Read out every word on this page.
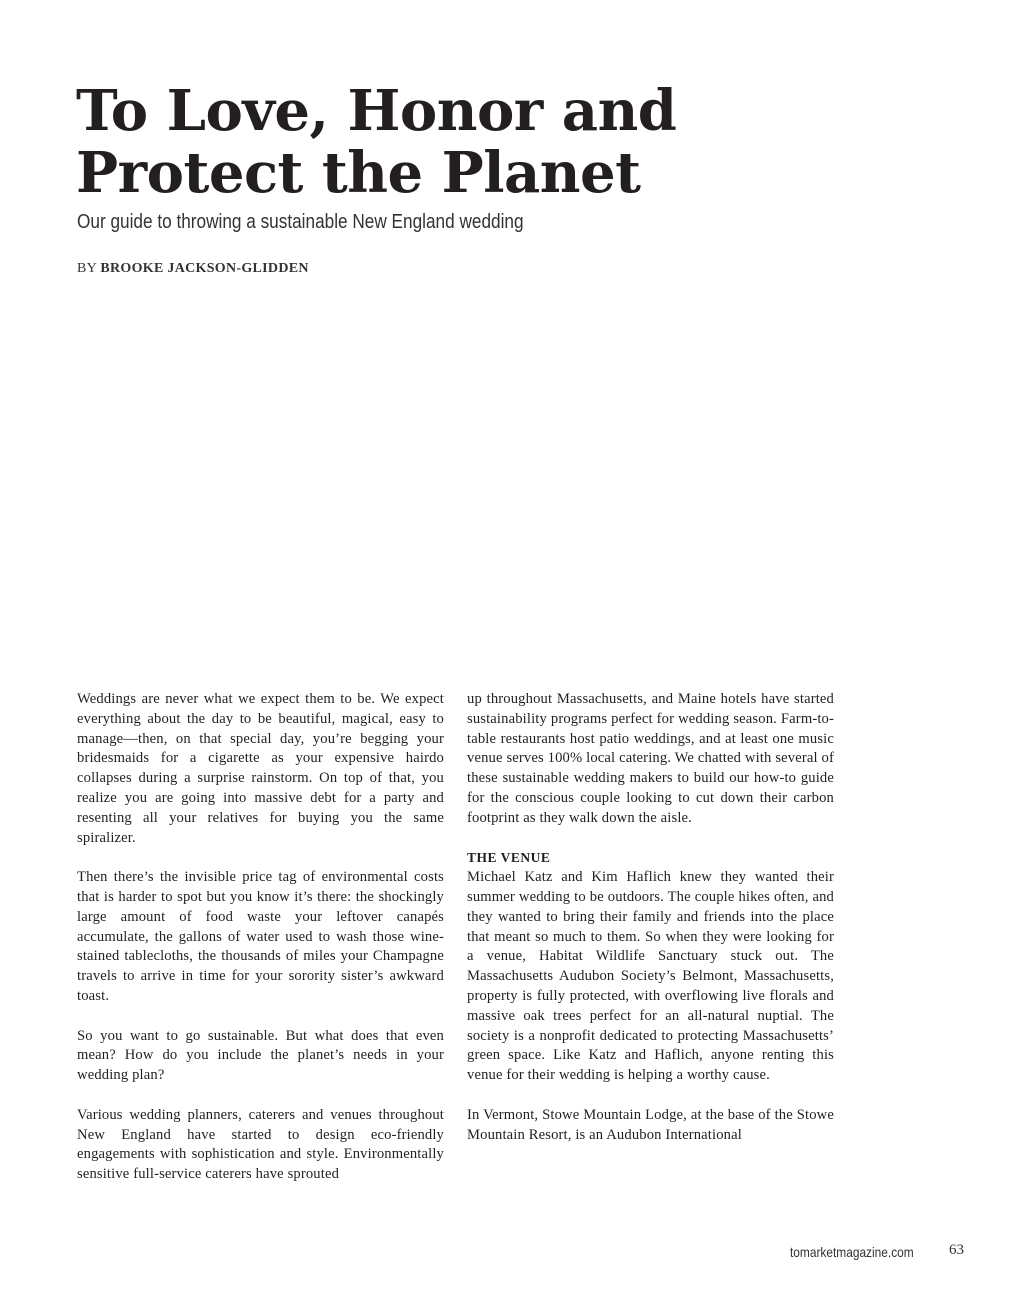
To Love, Honor and
Protect the Planet
Our guide to throwing a sustainable New England wedding
BY BROOKE JACKSON-GLIDDEN

Weddings are never what we expect them to be. We expect everything about the day to be beautiful, magical, easy to manage—then, on that special day, you’re begging your bridesmaids for a cigarette as your expensive hairdo collapses during a surprise rainstorm. On top of that, you realize you are going into massive debt for a party and resenting all your relatives for buying you the same spiralizer.

Then there’s the invisible price tag of environmental costs that is harder to spot but you know it’s there: the shockingly large amount of food waste your leftover canapés accumulate, the gallons of water used to wash those wine-stained tablecloths, the thousands of miles your Champagne travels to arrive in time for your sorority sister’s awkward toast.

So you want to go sustainable. But what does that even mean? How do you include the planet’s needs in your wedding plan?

Various wedding planners, caterers and venues throughout New England have started to design eco-friendly engagements with sophistication and style. Environmentally sensitive full-service caterers have sprouted

up throughout Massachusetts, and Maine hotels have started sustainability programs perfect for wedding season. Farm-to-table restaurants host patio weddings, and at least one music venue serves 100% local catering. We chatted with several of these sustainable wedding makers to build our how-to guide for the conscious couple looking to cut down their carbon footprint as they walk down the aisle.

THE VENUE
Michael Katz and Kim Haflich knew they wanted their summer wedding to be outdoors. The couple hikes often, and they wanted to bring their family and friends into the place that meant so much to them. So when they were looking for a venue, Habitat Wildlife Sanctuary stuck out. The Massachusetts Audubon Society’s Belmont, Massachusetts, property is fully protected, with overflowing live florals and massive oak trees perfect for an all-natural nuptial. The society is a nonprofit dedicated to protecting Massachusetts’ green space. Like Katz and Haflich, anyone renting this venue for their wedding is helping a worthy cause.

In Vermont, Stowe Mountain Lodge, at the base of the Stowe Mountain Resort, is an Audubon International

tomarketmagazine.com 63
